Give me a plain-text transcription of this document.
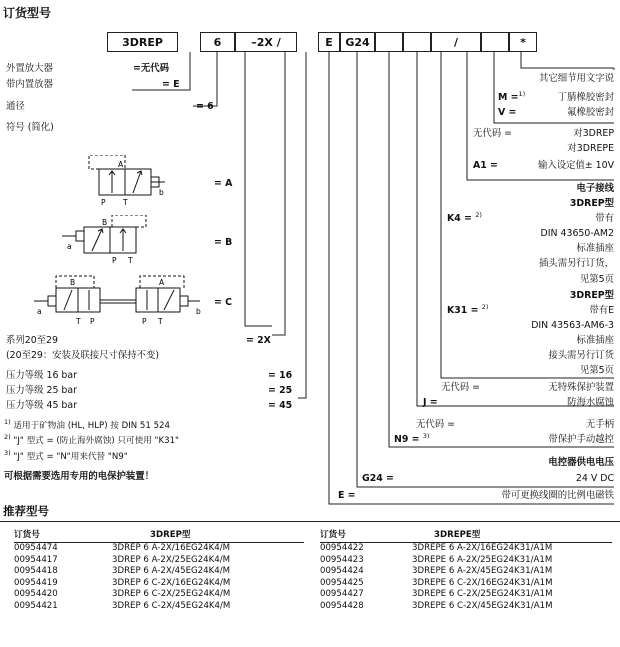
订货型号
3DREP	6	–2X
/	E	G24	/	*
外置放大器	=无代码
带内置放器	= E
通径	= 6
符号 (简化)
A
P T
b
= A
a
B
P T
= B
a
B
T P
A
P T
b
= C
系列20至29	= 2X
(20至29：安装及联接尺寸保持不变)
压力等级 16 bar	= 16
压力等级 25 bar	= 25
压力等级 45 bar	= 45
$^{1)}$ 适用于矿物油 (HL, HLP) 按 DIN 51 524
$^{2)}$ "J" 型式 = (防止海外腐蚀) 只可使用 "K31"
$^{3)}$ "J" 型式 = "N"用来代替 "N9"
可根据需要选用专用的电保护装置！
其它细节用文字说
M =$^{1)}$	丁腈橡胶密封
V =	氟橡胶密封
无代码 =	对3DREP
对3DREPE
A1 =	输入设定值± 10V
电子接线
3DREP型
K4 = $^{2)}$	带有
DIN 43650-AM2
标准插座
插头需另行订货，
见第5页
3DREP型
K31 = $^{2)}$	带有E
DIN 43563-AM6-3
标准插座
接头需另行订货
见第5页
无代码 =	无特殊保护装置
J =	防海水腐蚀
无代码 =	无手柄
N9 = $^{3)}$	带保护手动越控
电控器供电电压
G24 =	24 V DC
E =	带可更换线圈的比例电磁铁
推荐型号
订货号	3DREP型
00954474	3DREP 6 A-2X/16EG24K4/M
00954417	3DREP 6 A-2X/25EG24K4/M
00954418	3DREP 6 A-2X/45EG24K4/M
00954419	3DREP 6 C-2X/16EG24K4/M
00954420	3DREP 6 C-2X/25EG24K4/M
00954421	3DREP 6 C-2X/45EG24K4/M
订货号	3DREPE型
00954422	3DREPE 6 A-2X/16EG24K31/A1M
00954423	3DREPE 6 A-2X/25EG24K31/A1M
00954424	3DREPE 6 A-2X/45EG24K31/A1M
00954425	3DREPE 6 C-2X/16EG24K31/A1M
00954427	3DREPE 6 C-2X/25EG24K31/A1M
00954428	3DREPE 6 C-2X/45EG24K31/A1M
